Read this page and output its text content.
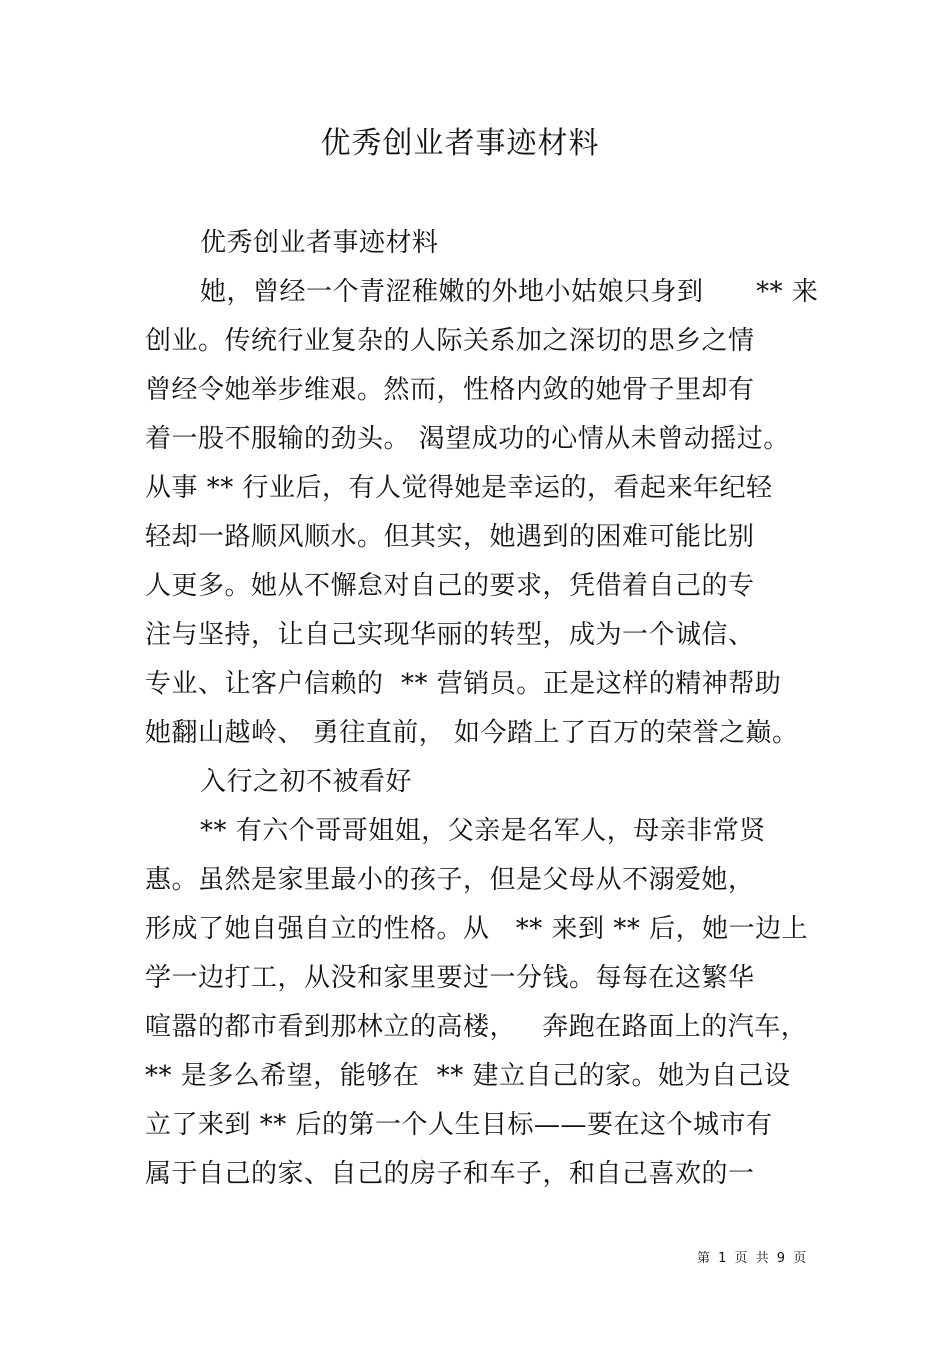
优秀创业者事迹材料
优秀创业者事迹材料
她，曾经一个青涩稚嫩的外地小姑娘只身到      ** 来
创业。传统行业复杂的人际关系加之深切的思乡之情
曾经令她举步维艰。然而，性格内敛的她骨子里却有
着一股不服输的劲头。 渴望成功的心情从未曾动摇过。
从事 ** 行业后，有人觉得她是幸运的，看起来年纪轻
轻却一路顺风顺水。但其实，她遇到的困难可能比别
人更多。她从不懈怠对自己的要求，凭借着自己的专
注与坚持，让自己实现华丽的转型，成为一个诚信、
专业、让客户信赖的  ** 营销员。正是这样的精神帮助
她翻山越岭、 勇往直前， 如今踏上了百万的荣誉之巅。
入行之初不被看好
** 有六个哥哥姐姐，父亲是名军人，母亲非常贤
惠。虽然是家里最小的孩子，但是父母从不溺爱她，
形成了她自强自立的性格。从   ** 来到 ** 后，她一边上
学一边打工，从没和家里要过一分钱。每每在这繁华
喧嚣的都市看到那林立的高楼，   奔跑在路面上的汽车，
** 是多么希望，能够在  ** 建立自己的家。她为自己设
立了来到 ** 后的第一个人生目标——要在这个城市有
属于自己的家、自己的房子和车子，和自己喜欢的一
第 1 页 共 9 页
